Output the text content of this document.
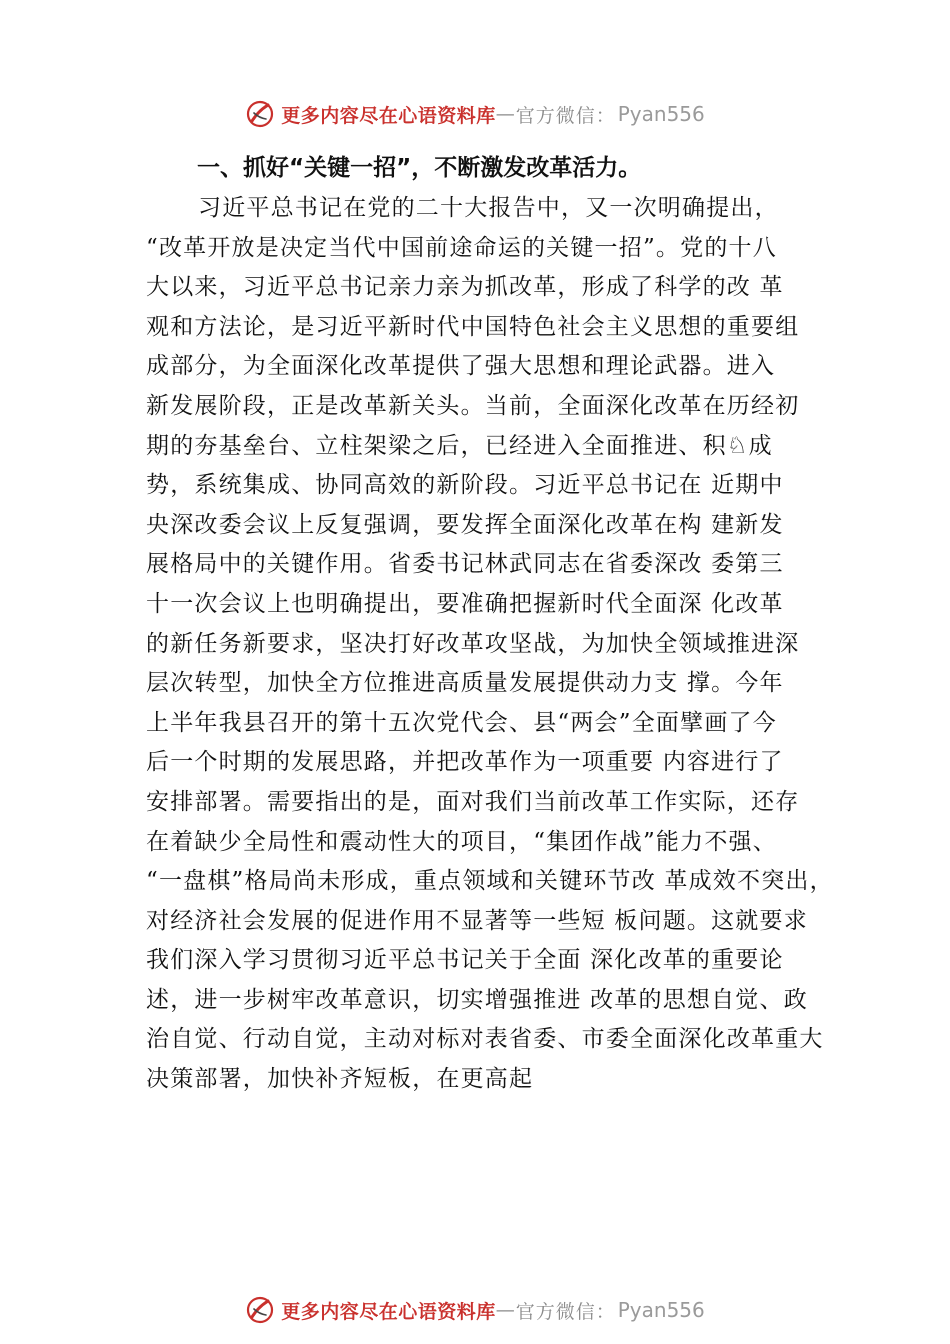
更多内容尽在心语资料库 — 官方微信： Pyan556
一、抓好“关键一招”，不断激发改革活力。
习近平总书记在党的二十大报告中，又一次明确提出，
“改革开放是决定当代中国前途命运的关键一招”。党的十八
大以来，习近平总书记亲力亲为抓改革，形成了科学的改 革
观和方法论，是习近平新时代中国特色社会主义思想的重要组
成部分，为全面深化改革提供了强大思想和理论武器。进入
新发展阶段，正是改革新关头。当前，全面深化改革在历经初
期的夯基垒台、立柱架梁之后，已经进入全面推进、积♘成
势，系统集成、协同高效的新阶段。习近平总书记在 近期中
央深改委会议上反复强调，要发挥全面深化改革在构 建新发
展格局中的关键作用。省委书记林武同志在省委深改 委第三
十一次会议上也明确提出，要准确把握新时代全面深 化改革
的新任务新要求，坚决打好改革攻坚战，为加快全领域推进深
层次转型，加快全方位推进高质量发展提供动力支 撑。今年
上半年我县召开的第十五次党代会、县“两会”全面擘画了今
后一个时期的发展思路，并把改革作为一项重要 内容进行了
安排部署。需要指出的是，面对我们当前改革工作实际，还存
在着缺少全局性和震动性大的项目，“集团作战”能力不强、
“一盘棋”格局尚未形成，重点领域和关键环节改 革成效不突出，
对经济社会发展的促进作用不显著等一些短 板问题。这就要求
我们深入学习贯彻习近平总书记关于全面 深化改革的重要论
述，进一步树牢改革意识，切实增强推进 改革的思想自觉、政
治自觉、行动自觉，主动对标对表省委、市委全面深化改革重大
决策部署，加快补齐短板，在更高起
更多内容尽在心语资料库 — 官方微信： Pyan556
